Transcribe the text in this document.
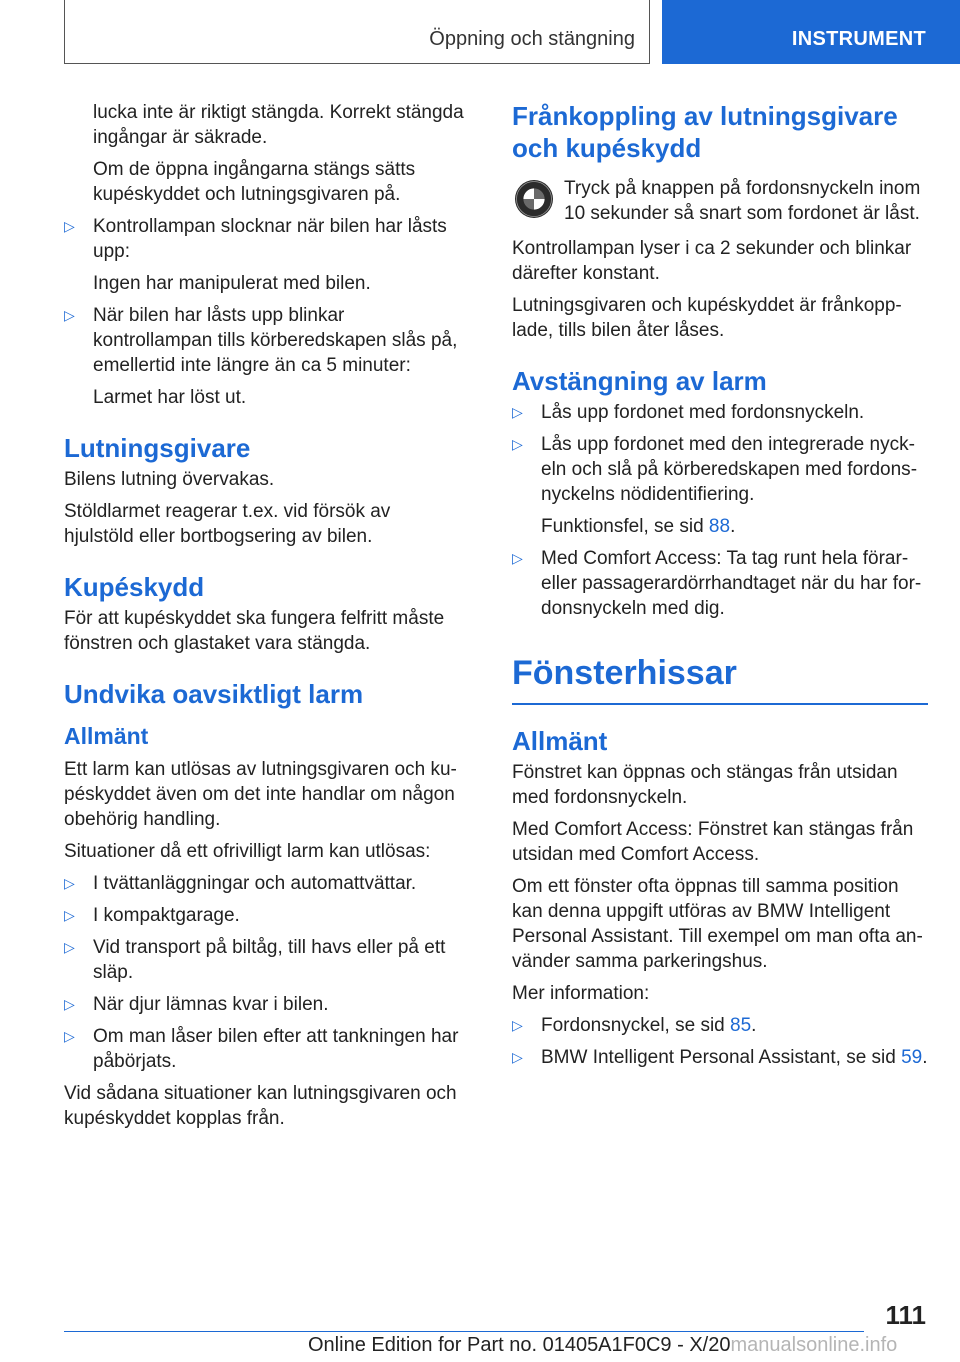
Öppning och stängning	INSTRUMENT

lucka inte är riktigt stängda. Korrekt stängda ingångar är säkrade.

Om de öppna ingångarna stängs sätts kupéskyddet och lutningsgivaren på.

▷ Kontrollampan slocknar när bilen har låsts upp:

Ingen har manipulerat med bilen.

▷ När bilen har låsts upp blinkar kontrollampan tills körberedskapen slås på, emellertid inte längre än ca 5 minuter:

Larmet har löst ut.

Lutningsgivare

Bilens lutning övervakas.

Stöldlarmet reagerar t.ex. vid försök av hjulstöld eller bortbogsering av bilen.

Kupéskydd

För att kupéskyddet ska fungera felfritt måste fönstren och glastaket vara stängda.

Undvika oavsiktligt larm
Allmänt

Ett larm kan utlösas av lutningsgivaren och kupéskyddet även om det inte handlar om någon obehörig handling.

Situationer då ett ofrivilligt larm kan utlösas:

▷ I tvättanläggningar och automattvättar.
▷ I kompaktgarage.
▷ Vid transport på biltåg, till havs eller på ett släp.
▷ När djur lämnas kvar i bilen.
▷ Om man låser bilen efter att tankningen har påbörjats.

Vid sådana situationer kan lutningsgivaren och kupéskyddet kopplas från.

Frånkoppling av lutningsgivare och kupéskydd
Tryck på knappen på fordonsnyckeln inom 10 sekunder så snart som fordonet är låst.

Kontrollampan lyser i ca 2 sekunder och blinkar därefter konstant.

Lutningsgivaren och kupéskyddet är frånkopplade, tills bilen åter låses.

Avstängning av larm
▷ Lås upp fordonet med fordonsnyckeln.
▷ Lås upp fordonet med den integrerade nyckeln och slå på körberedskapen med fordonsnyckelns nödidentifiering.

Funktionsfel, se sid 88.

▷ Med Comfort Access: Ta tag runt hela förar- eller passagerardörrhandtaget när du har fordonsnyckeln med dig.
Fönsterhissar
Allmänt

Fönstret kan öppnas och stängas från utsidan med fordonsnyckeln.

Med Comfort Access: Fönstret kan stängas från utsidan med Comfort Access.

Om ett fönster ofta öppnas till samma position kan denna uppgift utföras av BMW Intelligent Personal Assistant. Till exempel om man ofta använder samma parkeringshus.

Mer information:

▷ Fordonsnyckel, se sid 85.
▷ BMW Intelligent Personal Assistant, se sid 59.
111
Online Edition for Part no. 01405A1F0C9 - X/20manualsonline.info
